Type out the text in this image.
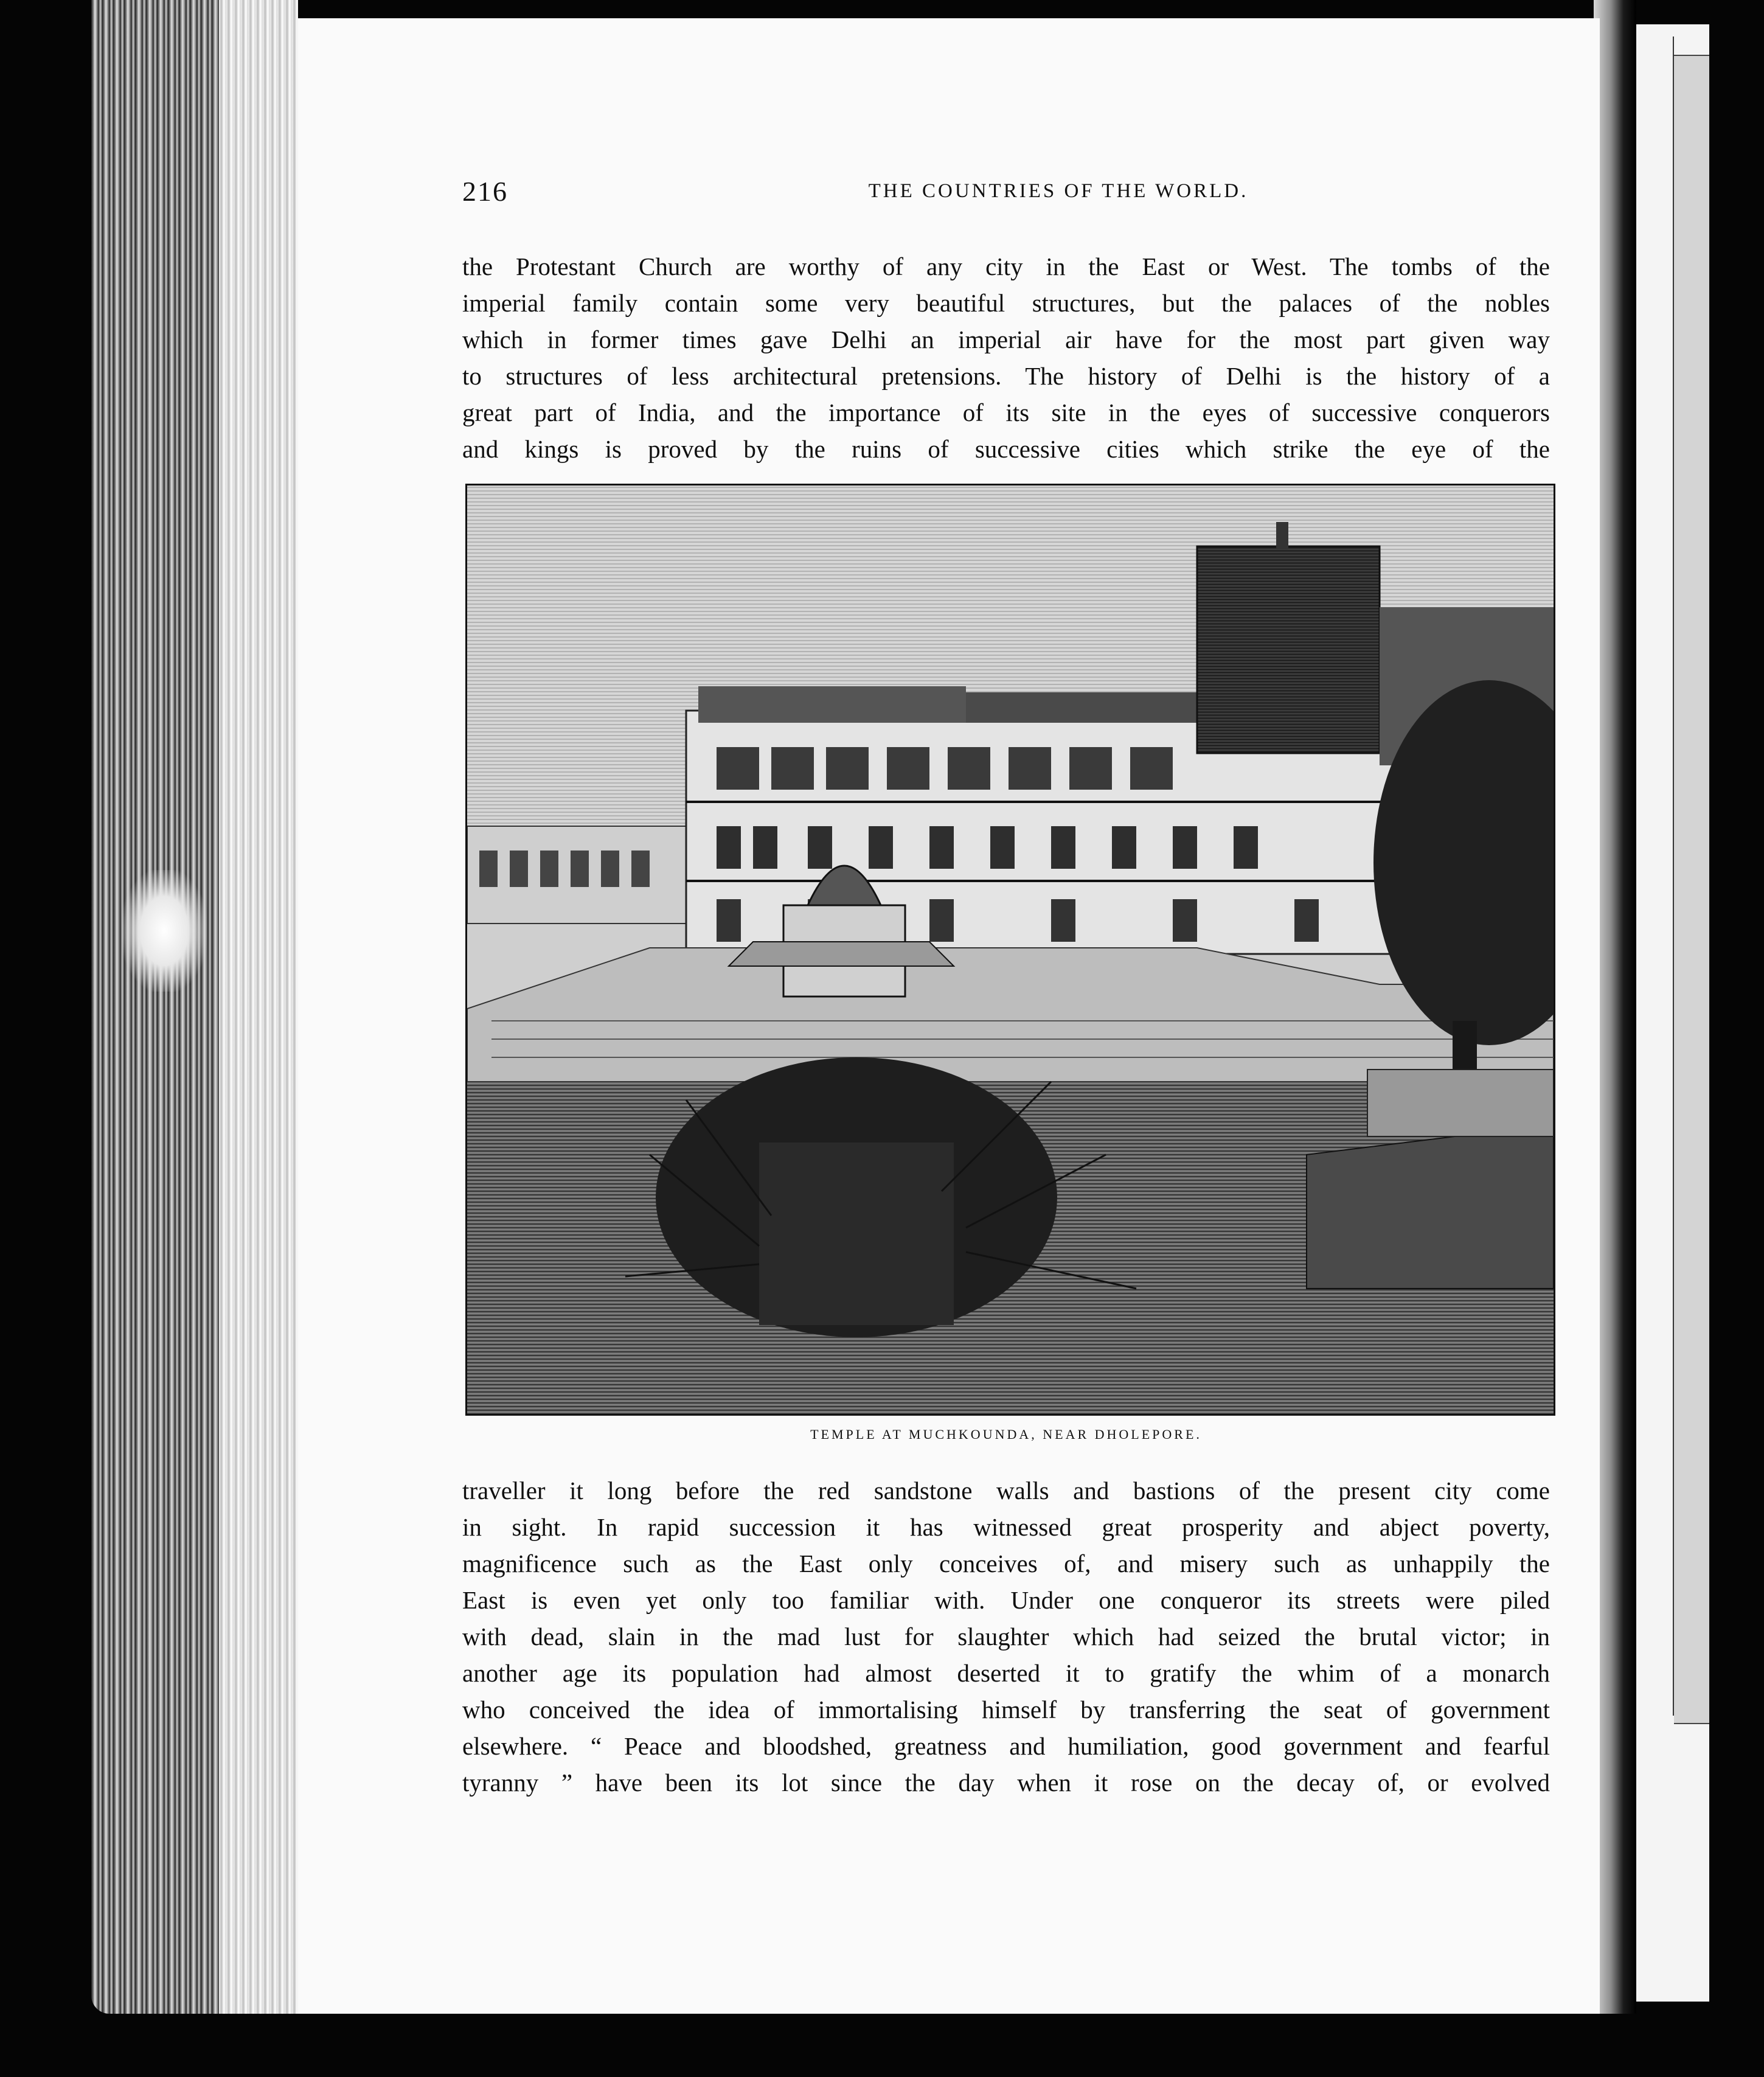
216	THE COUNTRIES OF THE WORLD.
the Protestant Church are worthy of any city in the East or West. The tombs of the
imperial family contain some very beautiful structures, but the palaces of the nobles
which in former times gave Delhi an imperial air have for the most part given way
to structures of less architectural pretensions. The history of Delhi is the history of a
great part of India, and the importance of its site in the eyes of successive conquerors
and kings is proved by the ruins of successive cities which strike the eye of the
TEMPLE AT MUCHKOUNDA, NEAR DHOLEPORE.
traveller it long before the red sandstone walls and bastions of the present city come
in sight. In rapid succession it has witnessed great prosperity and abject poverty,
magnificence such as the East only conceives of, and misery such as unhappily the
East is even yet only too familiar with. Under one conqueror its streets were piled
with dead, slain in the mad lust for slaughter which had seized the brutal victor; in
another age its population had almost deserted it to gratify the whim of a monarch
who conceived the idea of immortalising himself by transferring the seat of government
elsewhere. “ Peace and bloodshed, greatness and humiliation, good government and fearful
tyranny ” have been its lot since the day when it rose on the decay of, or evolved
